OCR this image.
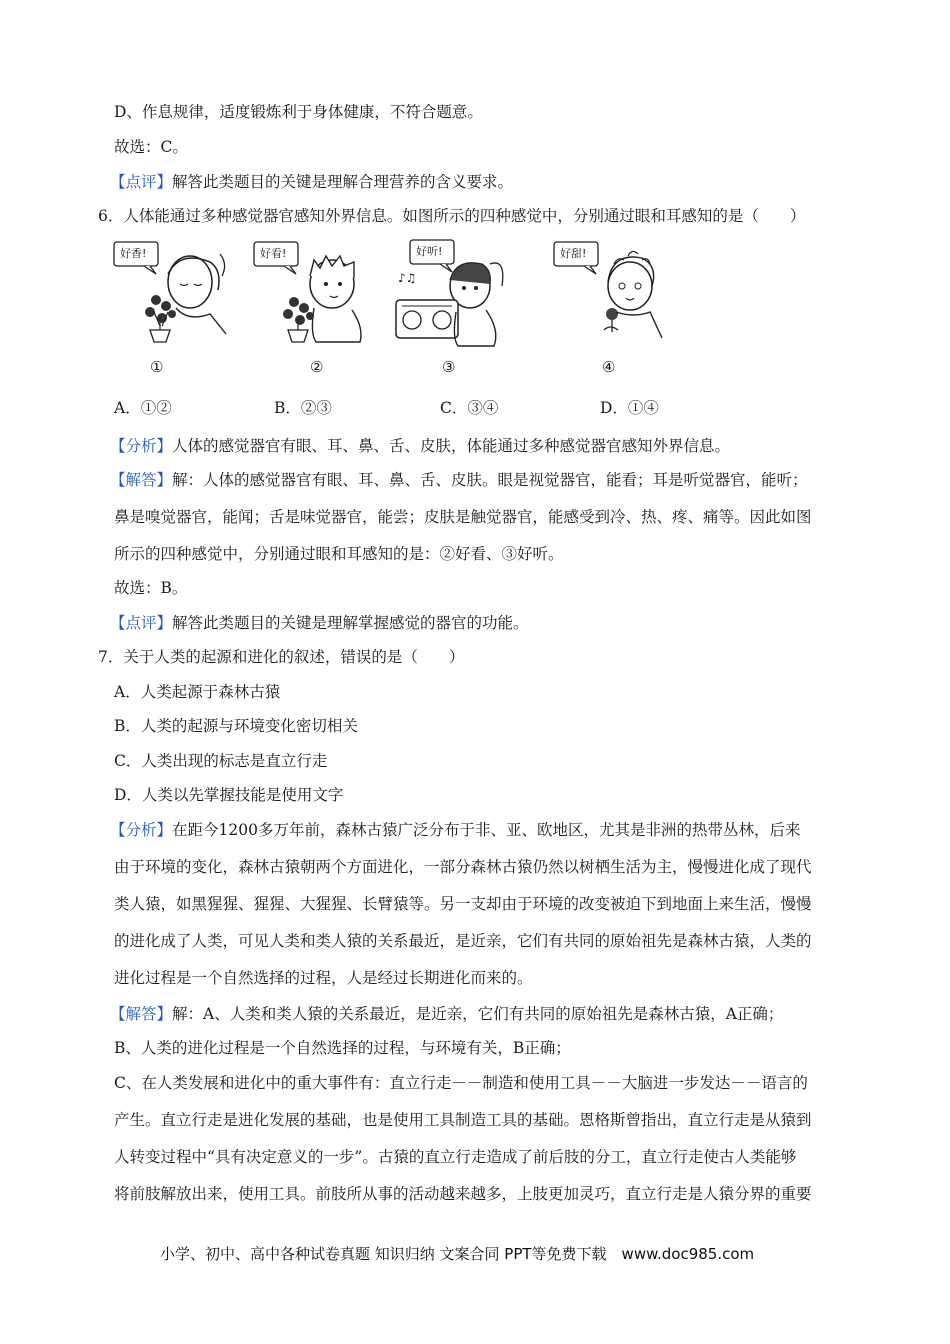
D、作息规律，适度锻炼利于身体健康，不符合题意。
故选：C。
【点评】解答此类题目的关键是理解合理营养的含义要求。
6．人体能通过多种感觉器官感知外界信息。如图所示的四种感觉中，分别通过眼和耳感知的是（　　）
好香!
①
好看!
②
♪♫
好听!
③
好甜!
④
A．①②	B．②③	C．③④	D．①④
【分析】人体的感觉器官有眼、耳、鼻、舌、皮肤，体能通过多种感觉器官感知外界信息。
【解答】解：人体的感觉器官有眼、耳、鼻、舌、皮肤。眼是视觉器官，能看；耳是听觉器官，能听；
鼻是嗅觉器官，能闻；舌是味觉器官，能尝；皮肤是触觉器官，能感受到冷、热、疼、痛等。因此如图
所示的四种感觉中，分别通过眼和耳感知的是：②好看、③好听。
故选：B。
【点评】解答此类题目的关键是理解掌握感觉的器官的功能。
7．关于人类的起源和进化的叙述，错误的是（　　）
A．人类起源于森林古猿
B．人类的起源与环境变化密切相关
C．人类出现的标志是直立行走
D．人类以先掌握技能是使用文字
【分析】在距今1200多万年前，森林古猿广泛分布于非、亚、欧地区，尤其是非洲的热带丛林，后来
由于环境的变化，森林古猿朝两个方面进化，一部分森林古猿仍然以树栖生活为主，慢慢进化成了现代
类人猿，如黑猩猩、猩猩、大猩猩、长臂猿等。另一支却由于环境的改变被迫下到地面上来生活，慢慢
的进化成了人类，可见人类和类人猿的关系最近，是近亲，它们有共同的原始祖先是森林古猿，人类的
进化过程是一个自然选择的过程，人是经过长期进化而来的。
【解答】解：A、人类和类人猿的关系最近，是近亲，它们有共同的原始祖先是森林古猿，A正确；
B、人类的进化过程是一个自然选择的过程，与环境有关，B正确；
C、在人类发展和进化中的重大事件有：直立行走－－制造和使用工具－－大脑进一步发达－－语言的
产生。直立行走是进化发展的基础，也是使用工具制造工具的基础。恩格斯曾指出，直立行走是从猿到
人转变过程中“具有决定意义的一步”。古猿的直立行走造成了前后肢的分工，直立行走使古人类能够
将前肢解放出来，使用工具。前肢所从事的活动越来越多，上肢更加灵巧，直立行走是人猿分界的重要
小学、初中、高中各种试卷真题 知识归纳 文案合同 PPT等免费下载　www.doc985.com
